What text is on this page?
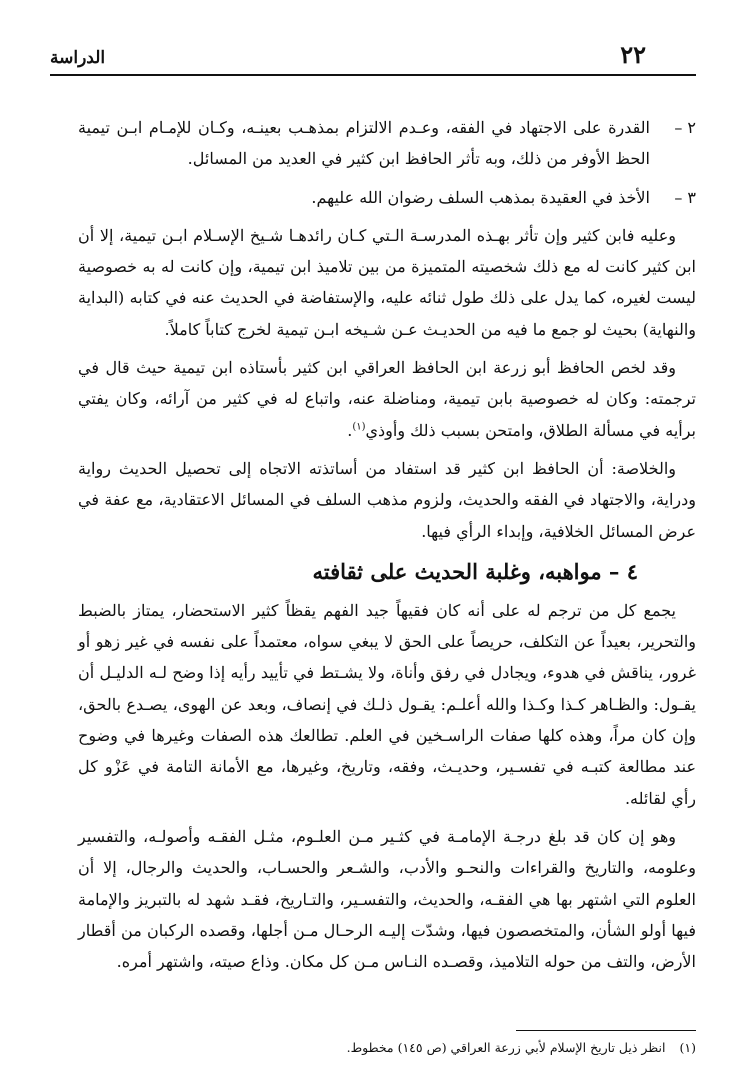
الدراسة	٢٢

٢ –
القدرة على الاجتهاد في الفقه، وعـدم الالتزام بمذهـب بعينـه، وكـان للإمـام ابـن تيمية الحظ الأوفر من ذلك، وبه تأثر الحافظ ابن كثير في العديد من المسائل.

٣ –
الأخذ في العقيدة بمذهب السلف رضوان الله عليهم.

وعليه فابن كثير وإن تأثر بهـذه المدرسـة الـتي كـان رائدهـا شـيخ الإسـلام ابـن تيمية، إلا أن ابن كثير كانت له مع ذلك شخصيته المتميزة من بين تلاميذ ابن تيمية، وإن كانت له به خصوصية ليست لغيره، كما يدل على ذلك طول ثنائه عليه، والإستفاضة في الحديث عنه في كتابه (البداية والنهاية) بحيث لو جمع ما فيه من الحديـث عـن شـيخه ابـن تيمية لخرج كتاباً كاملاً.

وقد لخص الحافظ أبو زرعة ابن الحافظ العراقي ابن كثير بأستاذه ابن تيمية حيث قال في ترجمته: وكان له خصوصية بابن تيمية، ومناضلة عنه، واتباع له في كثير من آرائه، وكان يفتي برأيه في مسألة الطلاق، وامتحن بسبب ذلك وأوذي$^{(١)}$.

والخلاصة: أن الحافظ ابن كثير قد استفاد من أساتذته الاتجاه إلى تحصيل الحديث رواية ودراية، والاجتهاد في الفقه والحديث، ولزوم مذهب السلف في المسائل الاعتقادية، مع عفة في عرض المسائل الخلافية، وإبداء الرأي فيها.

٤ – مواهبه، وغلبة الحديث على ثقافته

يجمع كل من ترجم له على أنه كان فقيهاً جيد الفهم يقظاً كثير الاستحضار، يمتاز بالضبط والتحرير، بعيداً عن التكلف، حريصاً على الحق لا يبغي سواه، معتمداً على نفسه في غير زهو أو غرور، يناقش في هدوء، ويجادل في رفق وأناة، ولا يشـتط في تأييد رأيه إذا وضح لـه الدليـل أن يقـول: والظـاهر كـذا وكـذا والله أعلـم: يقـول ذلـك في إنصاف، وبعد عن الهوى، يصـدع بالحق، وإن كان مراً، وهذه كلها صفات الراسـخين في العلم. تطالعك هذه الصفات وغيرها في وضوح عند مطالعة كتبـه في تفسـير، وحديـث، وفقه، وتاريخ، وغيرها، مع الأمانة التامة في عَزْو كل رأي لقائله.

وهو إن كان قد بلغ درجـة الإمامـة في كثـير مـن العلـوم، مثـل الفقـه وأصولـه، والتفسير وعلومه، والتاريخ والقراءات والنحـو والأدب، والشـعر والحسـاب، والحديث والرجال، إلا أن العلوم التي اشتهر بها هي الفقـه، والحديث، والتفسـير، والتـاريخ، فقـد شهد له بالتبريز والإمامة فيها أولو الشأن، والمتخصصون فيها، وشدّت إليـه الرحـال مـن أجلها، وقصده الركبان من أقطار الأرض، والتف من حوله التلاميذ، وقصـده النـاس مـن كل مكان. وذاع صيته، واشتهر أمره.

(١)انظر ذيل تاريخ الإسلام لأبي زرعة العراقي (ص ١٤٥) مخطوط.
